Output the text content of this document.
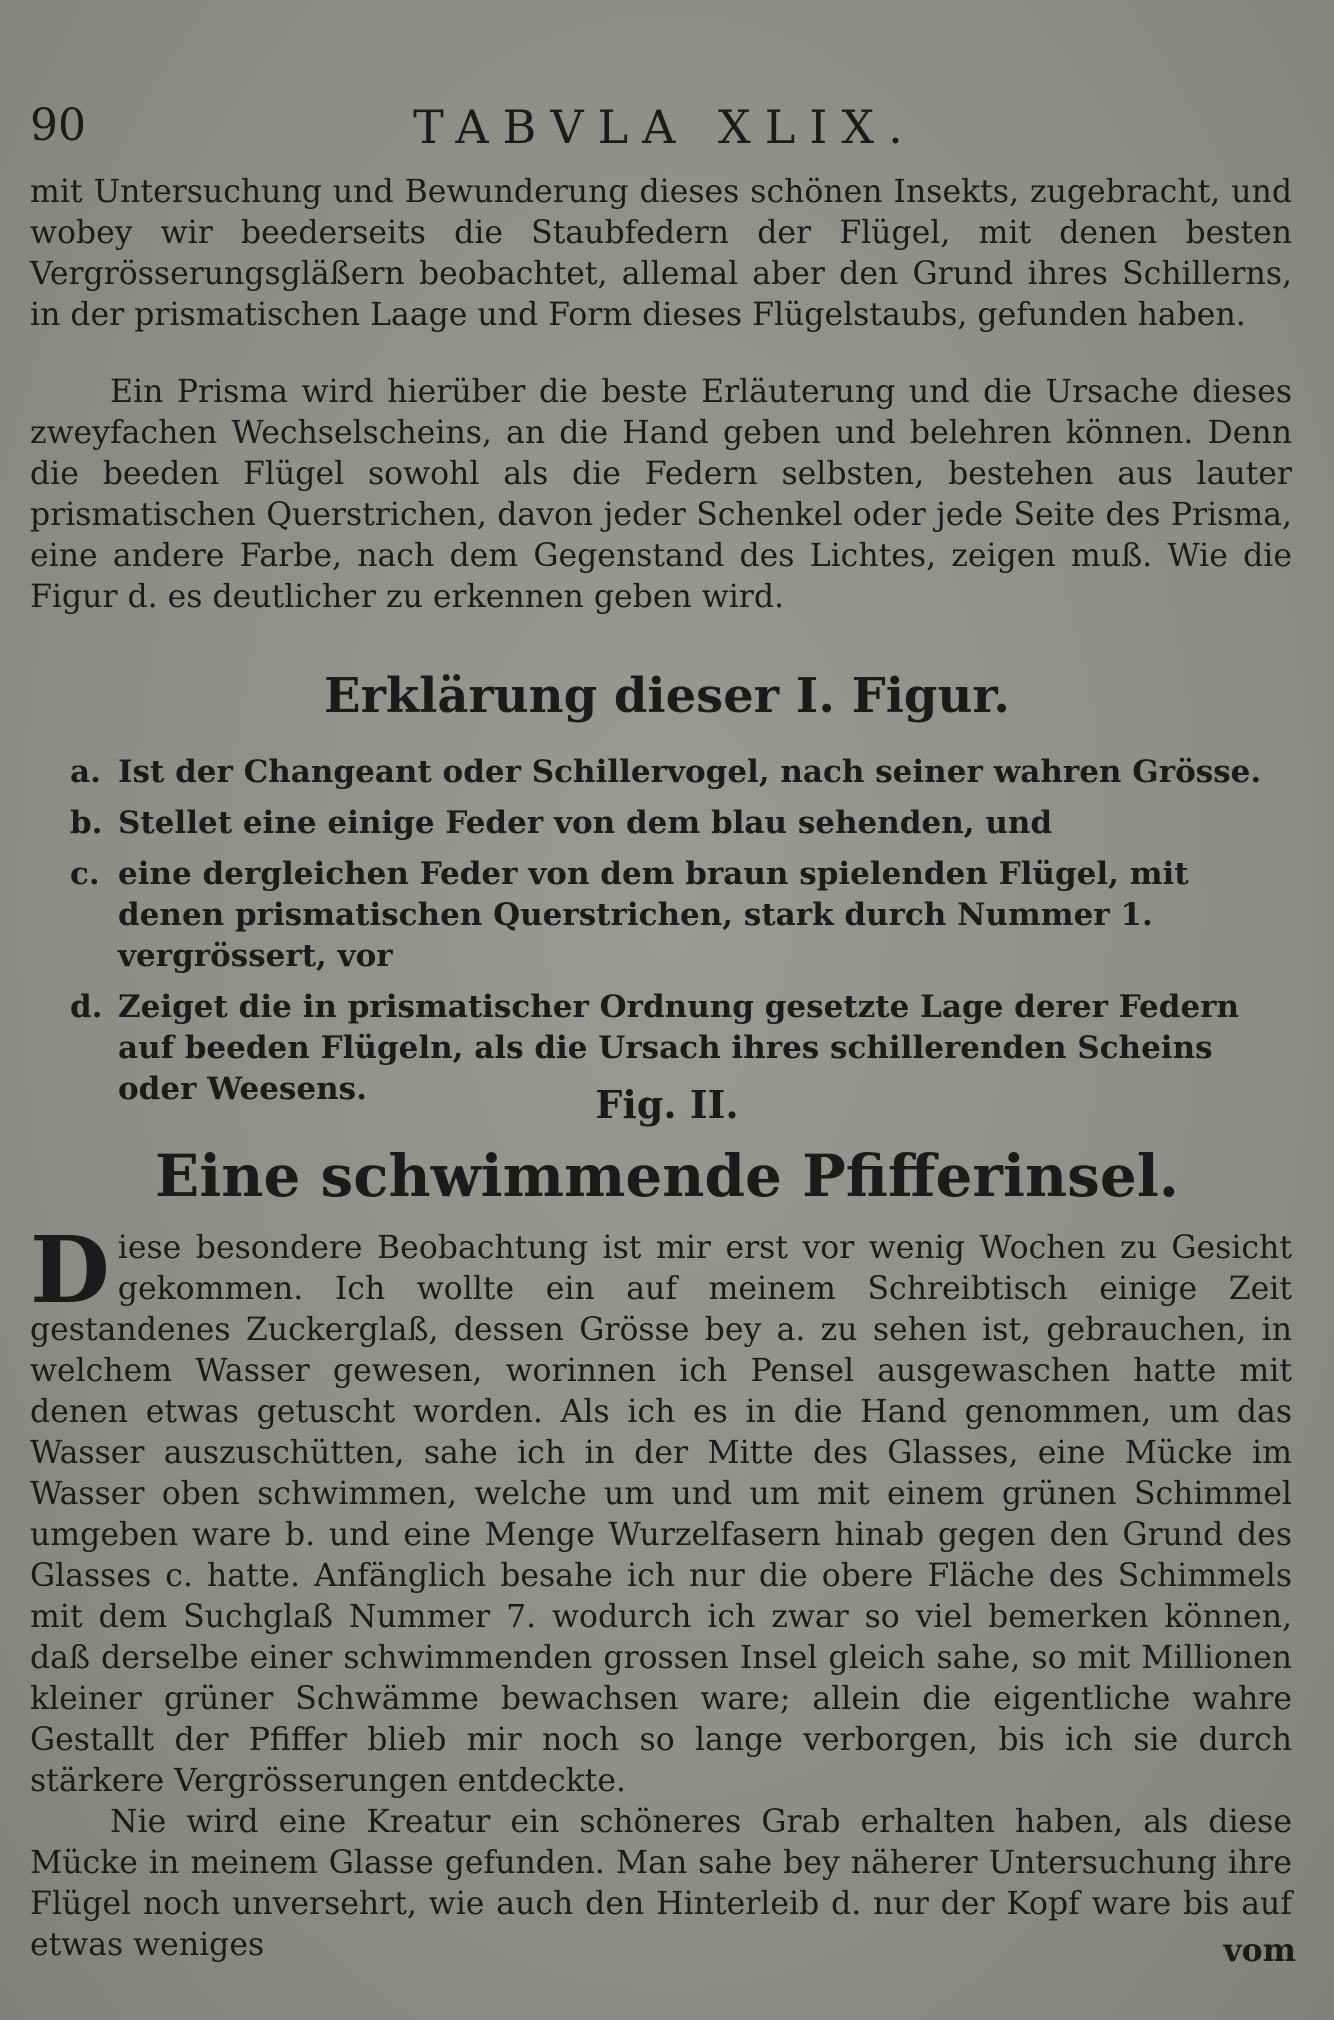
90	TABVLA XLIX.
mit Untersuchung und Bewunderung dieses schönen Insekts, zugebracht, und wobey wir beederseits die Staubfedern der Flügel, mit denen besten Vergrösserungsgläßern beobachtet, allemal aber den Grund ihres Schillerns, in der prismatischen Laage und Form dieses Flügelstaubs, gefunden haben.
Ein Prisma wird hierüber die beste Erläuterung und die Ursache dieses zweyfachen Wechselscheins, an die Hand geben und belehren können. Denn die beeden Flügel sowohl als die Federn selbsten, bestehen aus lauter prismatischen Querstrichen, davon jeder Schenkel oder jede Seite des Prisma, eine andere Farbe, nach dem Gegenstand des Lichtes, zeigen muß. Wie die Figur d. es deutlicher zu erkennen geben wird.
Erklärung dieser I. Figur.
a. Ist der Changeant oder Schillervogel, nach seiner wahren Grösse.
b. Stellet eine einige Feder von dem blau sehenden, und
c. eine dergleichen Feder von dem braun spielenden Flügel, mit denen prismatischen Querstrichen, stark durch Nummer 1. vergrössert, vor
d. Zeiget die in prismatischer Ordnung gesetzte Lage derer Federn auf beeden Flügeln, als die Ursach ihres schillerenden Scheins oder Weesens.	Fig. II.
Eine schwimmende Pfifferinsel.
D iese besondere Beobachtung ist mir erst vor wenig Wochen zu Gesicht gekommen. Ich wollte ein auf meinem Schreibtisch einige Zeit gestandenes Zuckerglaß, dessen Grösse bey a. zu sehen ist, gebrauchen, in welchem Wasser gewesen, worinnen ich Pensel ausgewaschen hatte mit denen etwas getuscht worden. Als ich es in die Hand genommen, um das Wasser auszuschütten, sahe ich in der Mitte des Glasses, eine Mücke im Wasser oben schwimmen, welche um und um mit einem grünen Schimmel umgeben ware b. und eine Menge Wurzelfasern hinab gegen den Grund des Glasses c. hatte. Anfänglich besahe ich nur die obere Fläche des Schimmels mit dem Suchglaß Nummer 7. wodurch ich zwar so viel bemerken können, daß derselbe einer schwimmenden grossen Insel gleich sahe, so mit Millionen kleiner grüner Schwämme bewachsen ware; allein die eigentliche wahre Gestallt der Pfiffer blieb mir noch so lange verborgen, bis ich sie durch stärkere Vergrösserungen entdeckte.
Nie wird eine Kreatur ein schöneres Grab erhalten haben, als diese Mücke in meinem Glasse gefunden. Man sahe bey näherer Untersuchung ihre Flügel noch unversehrt, wie auch den Hinterleib d. nur der Kopf ware bis auf etwas weniges	vom
